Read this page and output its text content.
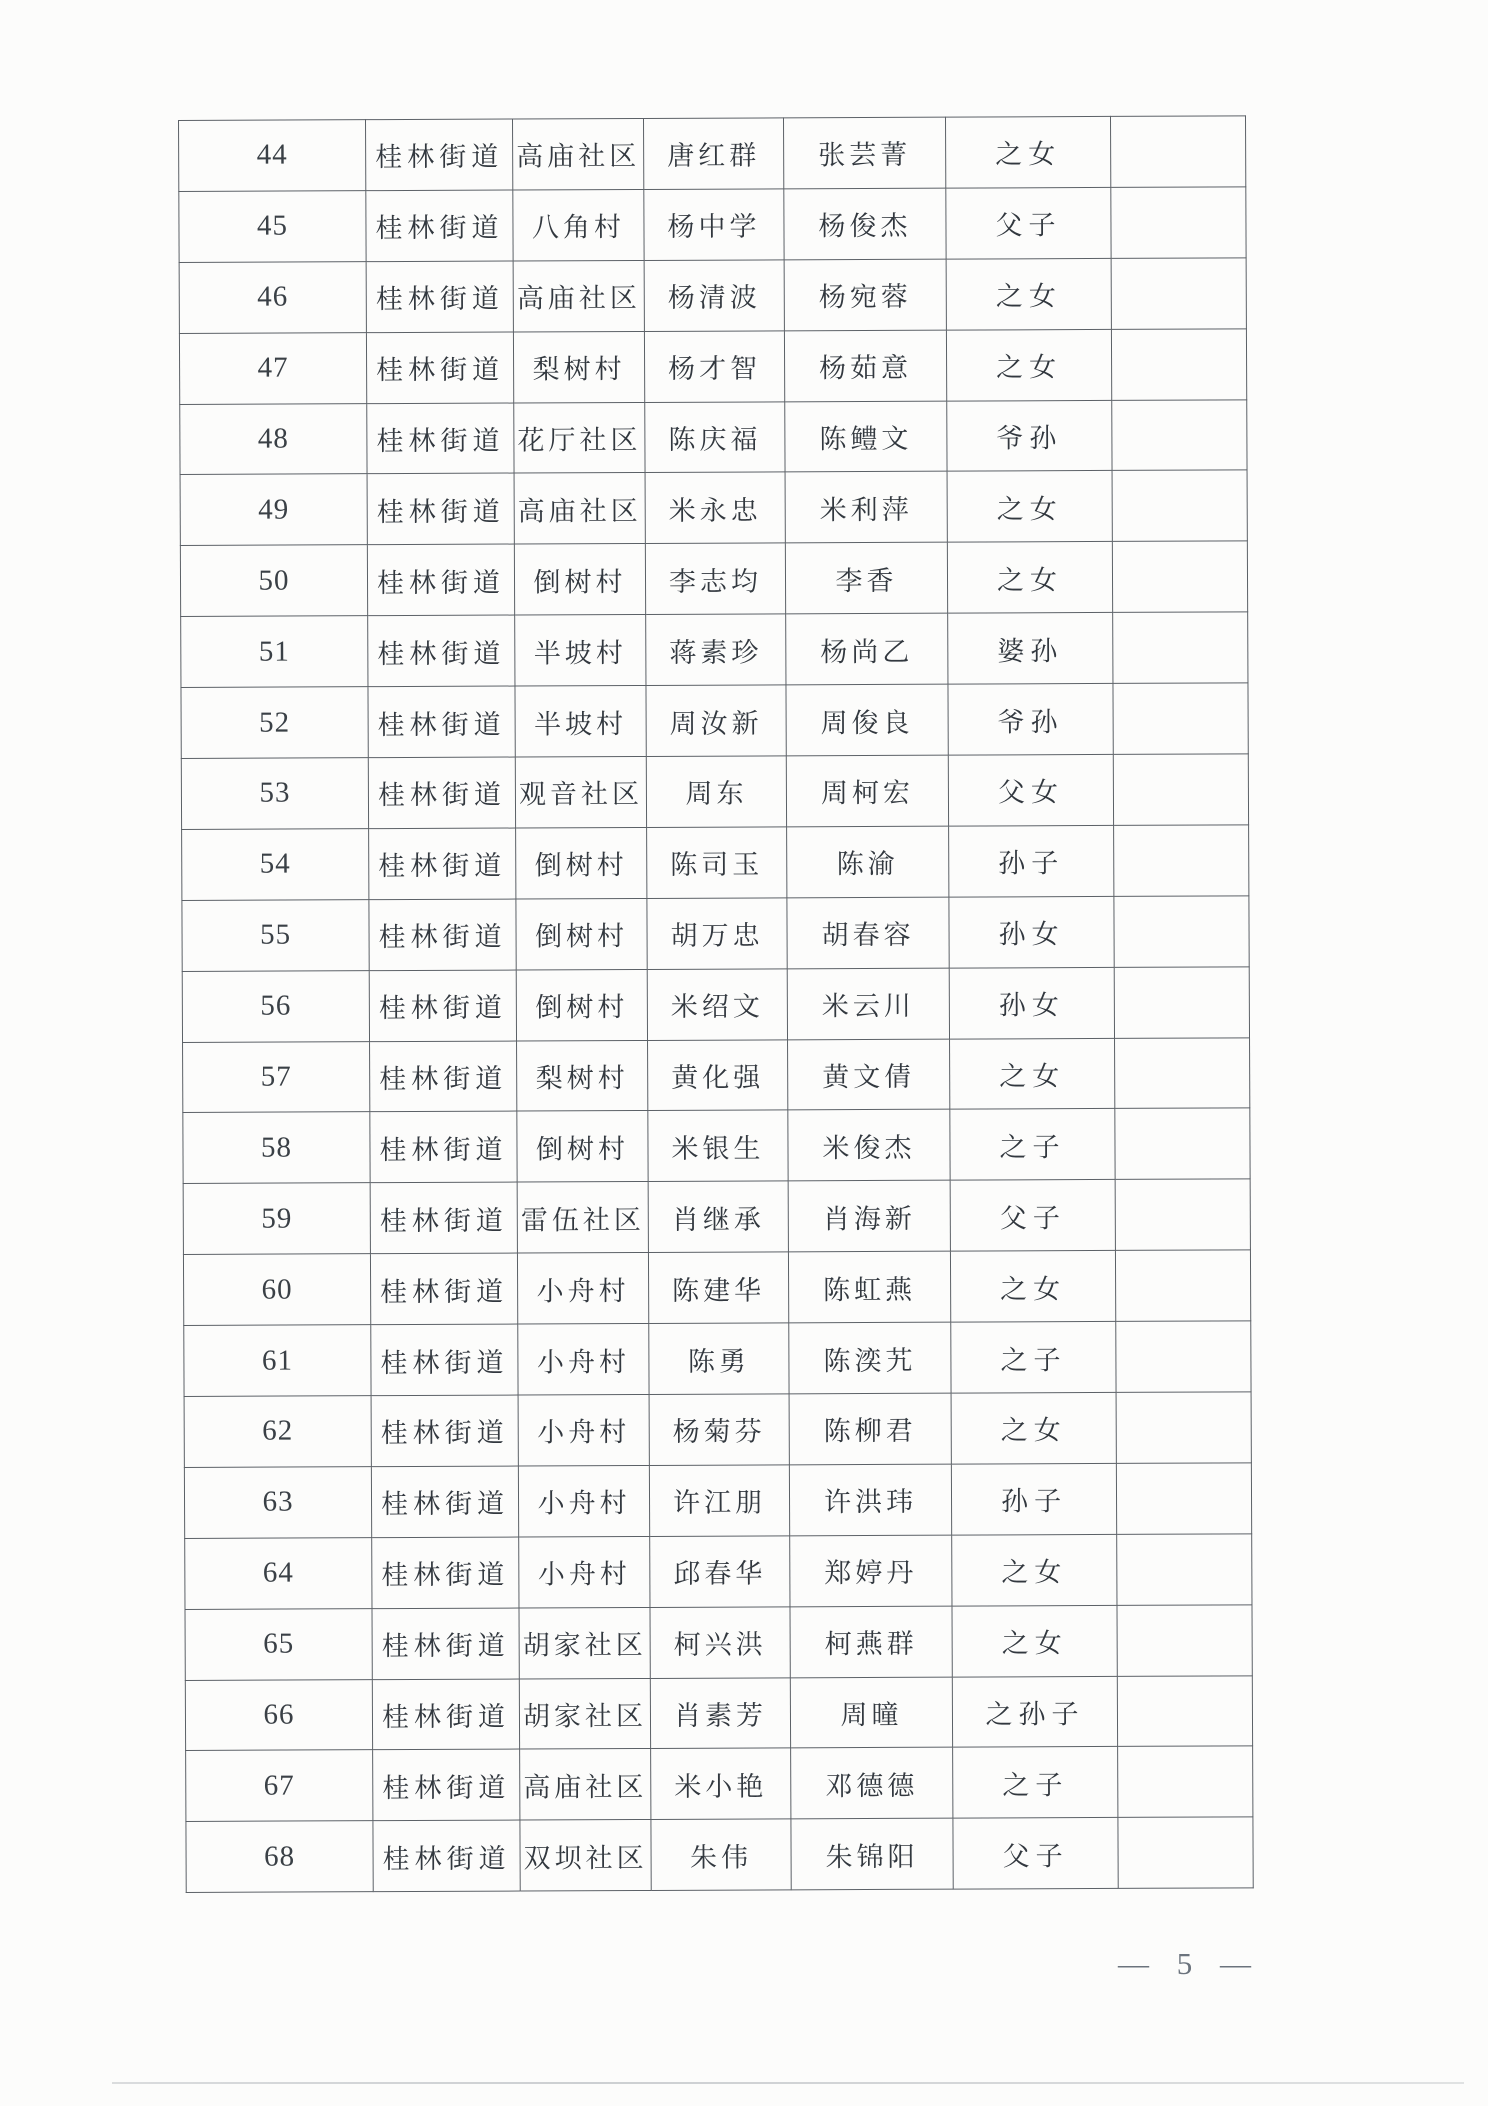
44	桂林街道	高庙社区	唐红群	张芸菁	之女	
45	桂林街道	八角村	杨中学	杨俊杰	父子	
46	桂林街道	高庙社区	杨清波	杨宛蓉	之女	
47	桂林街道	梨树村	杨才智	杨茹意	之女	
48	桂林街道	花厅社区	陈庆福	陈鳢文	爷孙	
49	桂林街道	高庙社区	米永忠	米利萍	之女	
50	桂林街道	倒树村	李志均	李香	之女	
51	桂林街道	半坡村	蒋素珍	杨尚乙	婆孙	
52	桂林街道	半坡村	周汝新	周俊良	爷孙	
53	桂林街道	观音社区	周东	周柯宏	父女	
54	桂林街道	倒树村	陈司玉	陈渝	孙子	
55	桂林街道	倒树村	胡万忠	胡春容	孙女	
56	桂林街道	倒树村	米绍文	米云川	孙女	
57	桂林街道	梨树村	黄化强	黄文倩	之女	
58	桂林街道	倒树村	米银生	米俊杰	之子	
59	桂林街道	雷伍社区	肖继承	肖海新	父子	
60	桂林街道	小舟村	陈建华	陈虹燕	之女	
61	桂林街道	小舟村	陈勇	陈湙艽	之子	
62	桂林街道	小舟村	杨菊芬	陈柳君	之女	
63	桂林街道	小舟村	许江朋	许洪玮	孙子	
64	桂林街道	小舟村	邱春华	郑婷丹	之女	
65	桂林街道	胡家社区	柯兴洪	柯燕群	之女	
66	桂林街道	胡家社区	肖素芳	周曈	之孙子	
67	桂林街道	高庙社区	米小艳	邓德德	之子	
68	桂林街道	双坝社区	朱伟	朱锦阳	父子	
— 5 —
